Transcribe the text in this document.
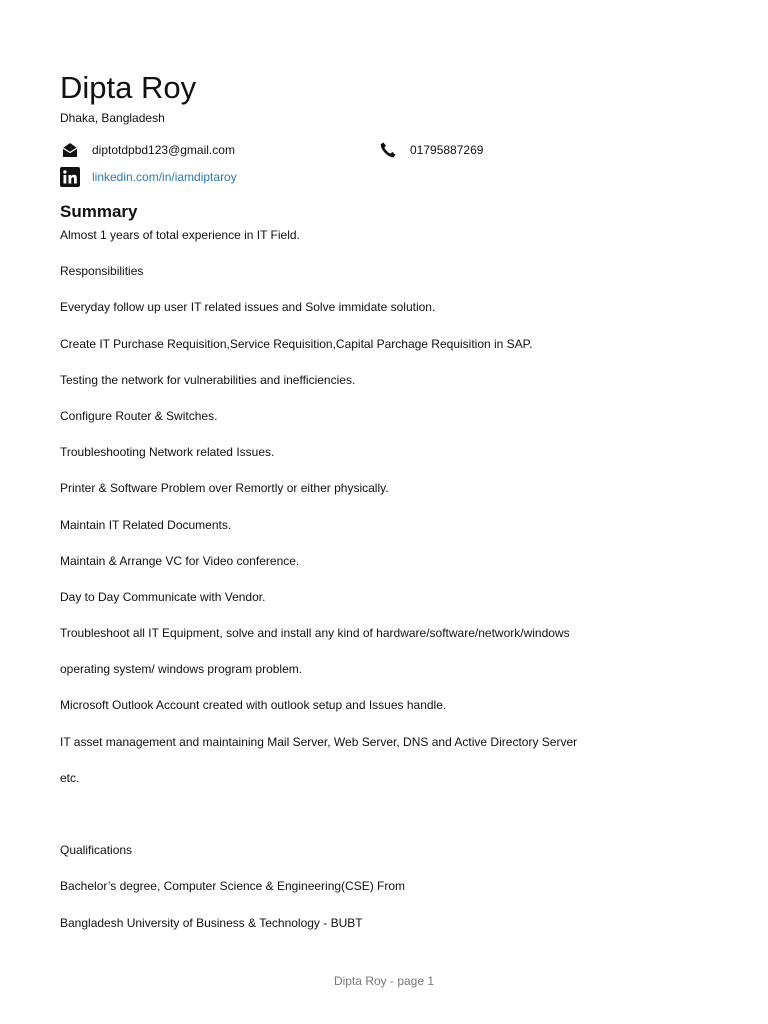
Dipta Roy
Dhaka, Bangladesh
diptotdpbd123@gmail.com	01795887269
linkedin.com/in/iamdiptaroy
Summary
Almost 1 years of total experience in IT Field.
Responsibilities
Everyday follow up user IT related issues and Solve immidate solution.
Create IT Purchase Requisition,Service Requisition,Capital Parchage Requisition in SAP.
Testing the network for vulnerabilities and inefficiencies.
Configure Router & Switches.
Troubleshooting Network related Issues.
Printer & Software Problem over Remortly or either physically.
Maintain IT Related Documents.
Maintain & Arrange VC for Video conference.
Day to Day Communicate with Vendor.
Troubleshoot all IT Equipment, solve and install any kind of hardware/software/network/windows
operating system/ windows program problem.
Microsoft Outlook Account created with outlook setup and Issues handle.
IT asset management and maintaining Mail Server, Web Server, DNS and Active Directory Server
etc.
Qualifications
Bachelor’s degree, Computer Science & Engineering(CSE) From
Bangladesh University of Business & Technology - BUBT
Dipta Roy - page 1
